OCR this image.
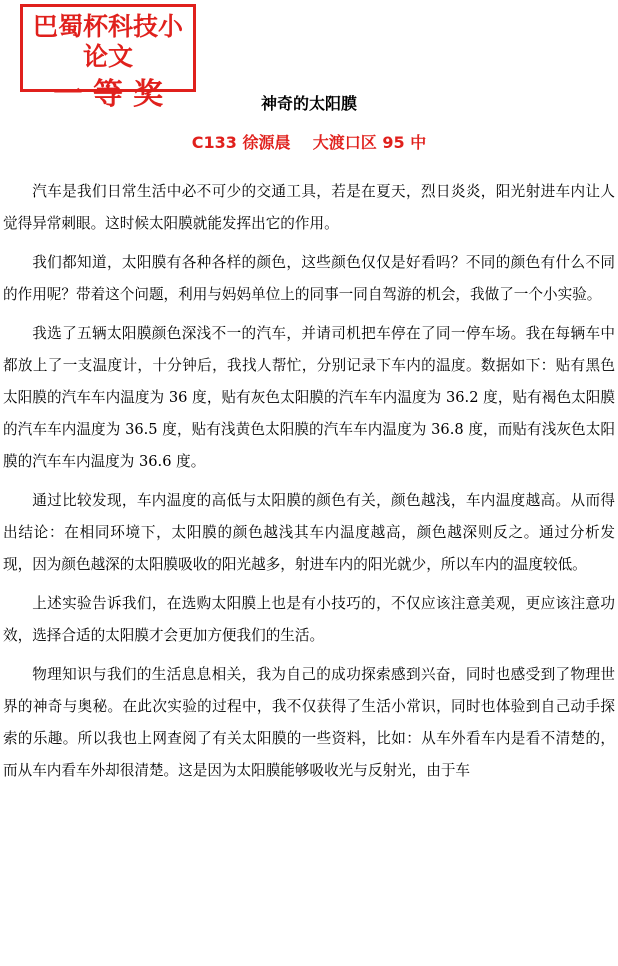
巴蜀杯科技小论文
一等奖	神奇的太阳膜
C133 徐源晨    大渡口区 95 中

汽车是我们日常生活中必不可少的交通工具，若是在夏天，烈日炎炎，阳光射进车内让人觉得异常刺眼。这时候太阳膜就能发挥出它的作用。

我们都知道，太阳膜有各种各样的颜色，这些颜色仅仅是好看吗？不同的颜色有什么不同的作用呢？带着这个问题，利用与妈妈单位上的同事一同自驾游的机会，我做了一个小实验。

我选了五辆太阳膜颜色深浅不一的汽车，并请司机把车停在了同一停车场。我在每辆车中都放上了一支温度计，十分钟后，我找人帮忙，分别记录下车内的温度。数据如下：贴有黑色太阳膜的汽车车内温度为 36 度，贴有灰色太阳膜的汽车车内温度为 36.2 度，贴有褐色太阳膜的汽车车内温度为 36.5 度，贴有浅黄色太阳膜的汽车车内温度为 36.8 度，而贴有浅灰色太阳膜的汽车车内温度为 36.6 度。

通过比较发现，车内温度的高低与太阳膜的颜色有关，颜色越浅，车内温度越高。从而得出结论：在相同环境下，太阳膜的颜色越浅其车内温度越高，颜色越深则反之。通过分析发现，因为颜色越深的太阳膜吸收的阳光越多，射进车内的阳光就少，所以车内的温度较低。

上述实验告诉我们，在选购太阳膜上也是有小技巧的，不仅应该注意美观，更应该注意功效，选择合适的太阳膜才会更加方便我们的生活。

物理知识与我们的生活息息相关，我为自己的成功探索感到兴奋，同时也感受到了物理世界的神奇与奥秘。在此次实验的过程中，我不仅获得了生活小常识，同时也体验到自己动手探索的乐趣。所以我也上网查阅了有关太阳膜的一些资料，比如：从车外看车内是看不清楚的，而从车内看车外却很清楚。这是因为太阳膜能够吸收光与反射光，由于车
